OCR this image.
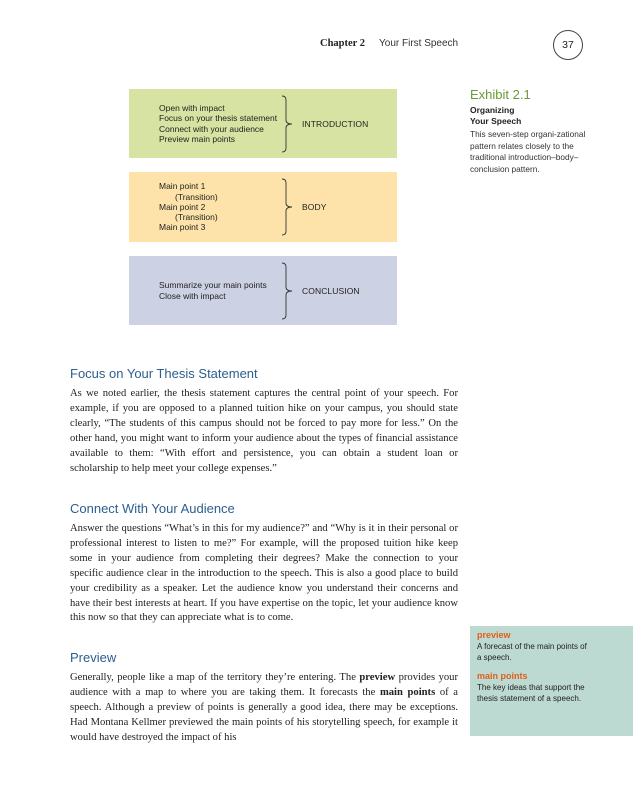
Chapter 2 Your First Speech	37
Open with impact
Focus on your thesis statement
Connect with your audience
Preview main points
INTRODUCTION
Main point 1
(Transition)
Main point 2
(Transition)
Main point 3
BODY
Summarize your main points
Close with impact	CONCLUSION
Exhibit 2.1
Organizing
Your Speech
This seven-step organi-zational pattern relates closely to the traditional introduction–body–conclusion pattern.
Focus on Your Thesis Statement
As we noted earlier, the thesis statement captures the central point of your speech. For example, if you are opposed to a planned tuition hike on your campus, you should state clearly, “The students of this campus should not be forced to pay more for less.” On the other hand, you might want to inform your audience about the types of financial assistance available to them: “With effort and persistence, you can obtain a student loan or scholarship to help meet your college expenses.”
Connect With Your Audience
Answer the questions “What’s in this for my audience?” and “Why is it in their personal or professional interest to listen to me?” For example, will the proposed tuition hike keep some in your audience from completing their degrees? Make the connection to your specific audience clear in the introduction to the speech. This is also a good place to build your credibility as a speaker. Let the audience know you understand their concerns and have their best interests at heart. If you have expertise on the topic, let your audience know this now so that they can appreciate what is to come.
Preview
Generally, people like a map of the territory they’re entering. The preview provides your audience with a map to where you are taking them. It forecasts the main points of a speech. Although a preview of points is generally a good idea, there may be exceptions. Had Montana Kellmer previewed the main points of his storytelling speech, for example it would have destroyed the impact of his
preview
A forecast of the main points of a speech.
main points
The key ideas that support the thesis statement of a speech.
